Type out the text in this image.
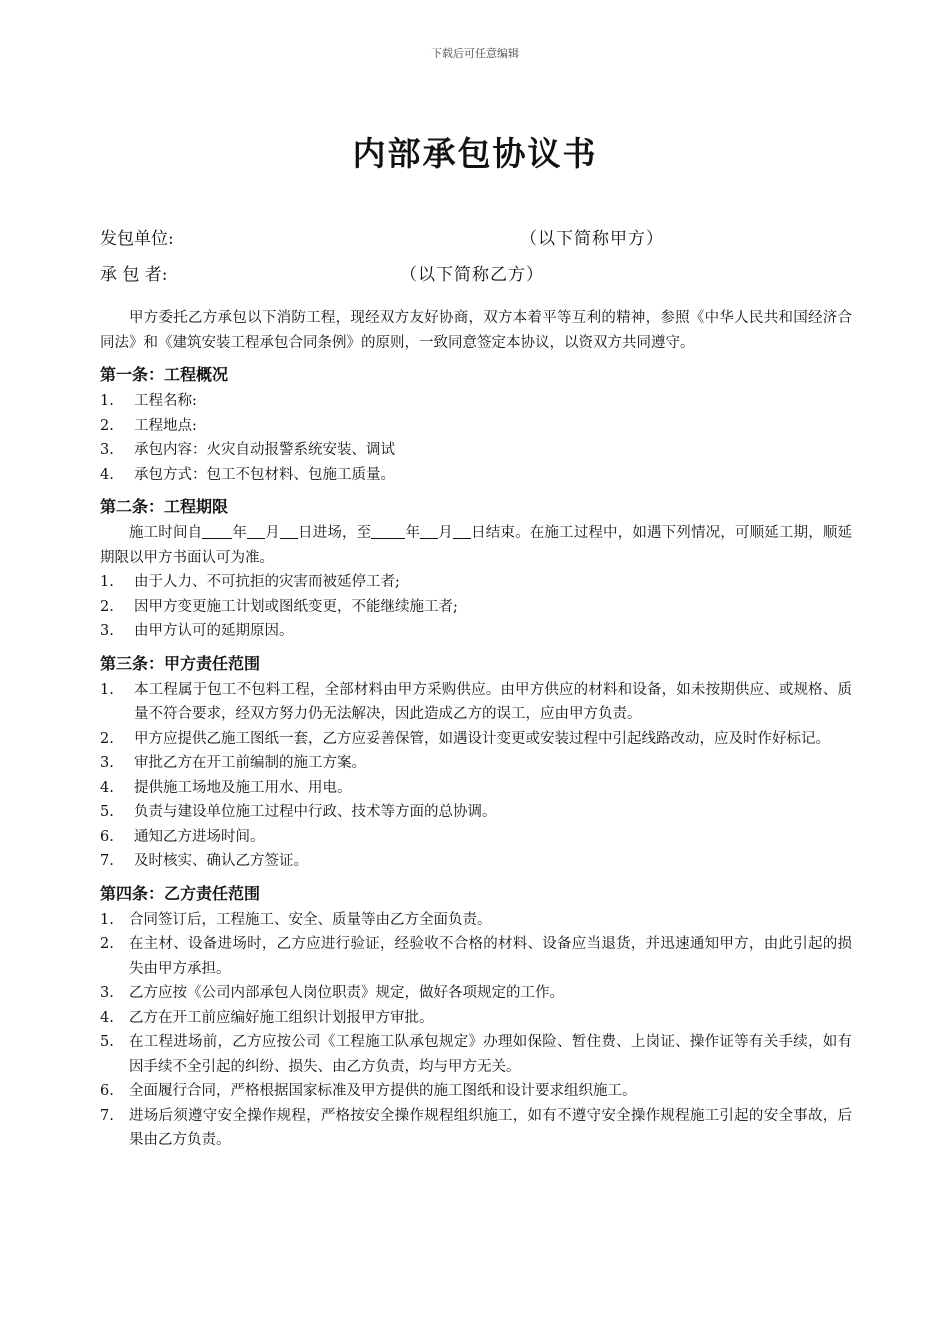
下载后可任意编辑
内部承包协议书
发包单位:	（以下简称甲方）
承 包 者:	（以下简称乙方）

甲方委托乙方承包以下消防工程，现经双方友好协商，双方本着平等互利的精神，参照《中华人民共和国经济合同法》和《建筑安装工程承包合同条例》的原则，一致同意签定本协议，以资双方共同遵守。

第一条：工程概况
1. 工程名称:
2. 工程地点:
3. 承包内容：火灾自动报警系统安装、调试
4. 承包方式：包工不包材料、包施工质量。
第二条：工程期限

施工时间自 年 月 日进场，至 年 月 日结束。在施工过程中，如遇下列情况，可顺延工期，顺延期限以甲方书面认可为准。

1. 由于人力、不可抗拒的灾害而被延停工者;
2. 因甲方变更施工计划或图纸变更，不能继续施工者;
3. 由甲方认可的延期原因。
第三条：甲方责任范围
1. 本工程属于包工不包料工程，全部材料由甲方采购供应。由甲方供应的材料和设备，如未按期供应、或规格、质量不符合要求，经双方努力仍无法解决，因此造成乙方的误工，应由甲方负责。
2. 甲方应提供乙施工图纸一套，乙方应妥善保管，如遇设计变更或安装过程中引起线路改动，应及时作好标记。
3. 审批乙方在开工前编制的施工方案。
4. 提供施工场地及施工用水、用电。
5. 负责与建设单位施工过程中行政、技术等方面的总协调。
6. 通知乙方进场时间。
7. 及时核实、确认乙方签证。
第四条：乙方责任范围
1. 合同签订后，工程施工、安全、质量等由乙方全面负责。
2. 在主材、设备进场时，乙方应进行验证，经验收不合格的材料、设备应当退货，并迅速通知甲方，由此引起的损失由甲方承担。
3. 乙方应按《公司内部承包人岗位职责》规定，做好各项规定的工作。
4. 乙方在开工前应编好施工组织计划报甲方审批。
5. 在工程进场前，乙方应按公司《工程施工队承包规定》办理如保险、暂住费、上岗证、操作证等有关手续，如有因手续不全引起的纠纷、损失、由乙方负责，均与甲方无关。
6. 全面履行合同，严格根据国家标准及甲方提供的施工图纸和设计要求组织施工。
7. 进场后须遵守安全操作规程，严格按安全操作规程组织施工，如有不遵守安全操作规程施工引起的安全事故，后果由乙方负责。
